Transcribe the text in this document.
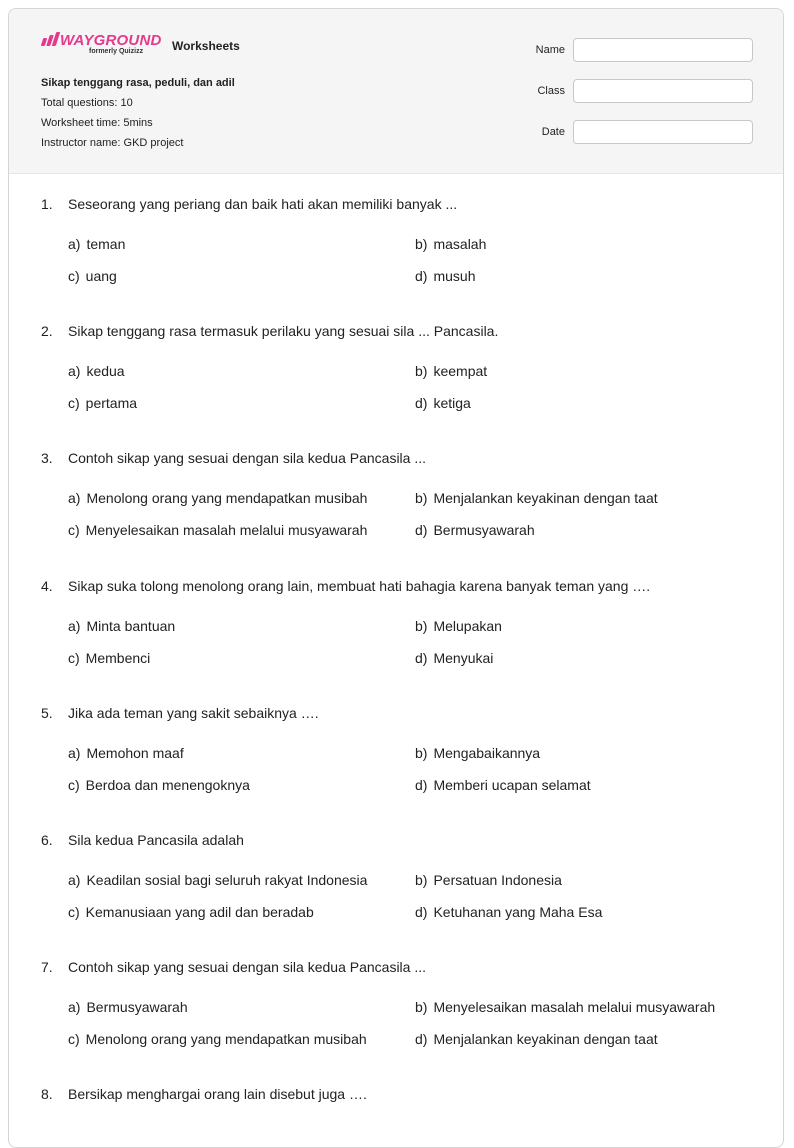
WAYGROUND
formerly Quizizz Worksheets
Sikap tenggang rasa, peduli, dan adil
Total questions: 10
Worksheet time: 5mins
Instructor name: GKD project
Name
Class
Date
1. Seseorang yang periang dan baik hati akan memiliki banyak ...
a) teman	b) masalah
c) uang	d) musuh
2. Sikap tenggang rasa termasuk perilaku yang sesuai sila ... Pancasila.
a) kedua	b) keempat
c) pertama	d) ketiga
3. Contoh sikap yang sesuai dengan sila kedua Pancasila ...
a) Menolong orang yang mendapatkan musibah	b) Menjalankan keyakinan dengan taat
c) Menyelesaikan masalah melalui musyawarah	d) Bermusyawarah
4. Sikap suka tolong menolong orang lain, membuat hati bahagia karena banyak teman yang ….
a) Minta bantuan	b) Melupakan
c) Membenci	d) Menyukai
5. Jika ada teman yang sakit sebaiknya ….
a) Memohon maaf	b) Mengabaikannya
c) Berdoa dan menengoknya	d) Memberi ucapan selamat
6. Sila kedua Pancasila adalah
a) Keadilan sosial bagi seluruh rakyat Indonesia	b) Persatuan Indonesia
c) Kemanusiaan yang adil dan beradab	d) Ketuhanan yang Maha Esa
7. Contoh sikap yang sesuai dengan sila kedua Pancasila ...
a) Bermusyawarah	b) Menyelesaikan masalah melalui musyawarah
c) Menolong orang yang mendapatkan musibah	d) Menjalankan keyakinan dengan taat
8. Bersikap menghargai orang lain disebut juga ….
